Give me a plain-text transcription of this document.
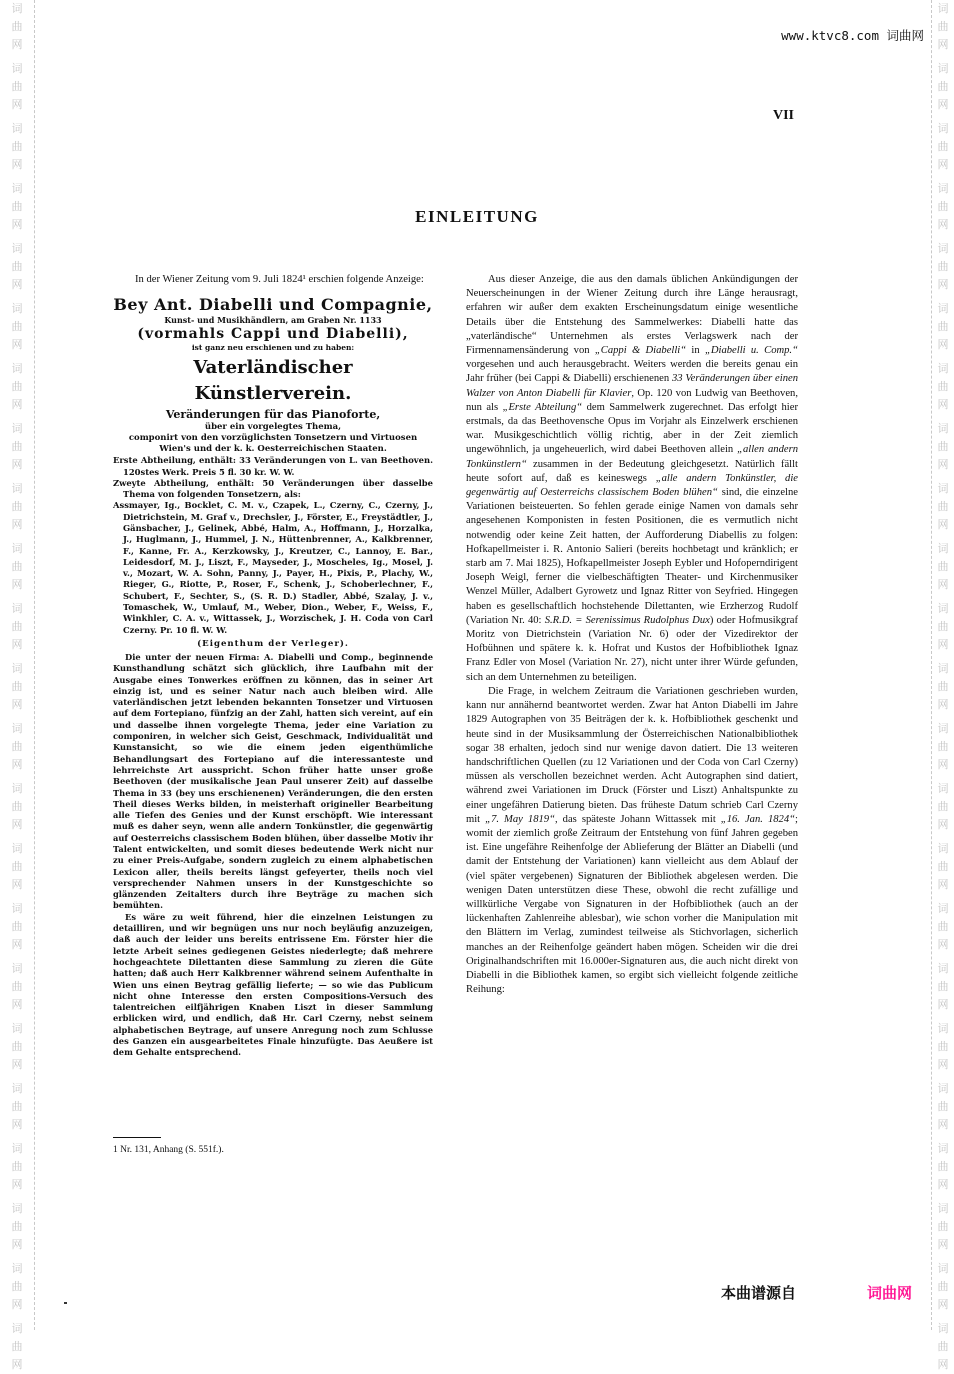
词
曲
网
词
曲
网
词
曲
网
词
曲
网
词
曲
网
词
曲
网
词
曲
网
词
曲
网
词
曲
网
词
曲
网
词
曲
网
词
曲
网
词
曲
网
词
曲
网
词
曲
网
词
曲
网
词
曲
网
词
曲
网
词
曲
网
词
曲
网
词
曲
网
词
曲
网
词
曲
网
词
曲
网
词
曲
网
词
曲
网
词
曲
网
词
曲
网
词
曲
网
词
曲
网
词
曲
网
词
曲
网
词
曲
网
词
曲
网
词
曲
网
词
曲
网
词
曲
网
词
曲
网
词
曲
网
词
曲
网
词
曲
网
词
曲
网
词
曲
网
词
曲
网
词
曲
网
词
曲
网
www.ktvc8.com 词曲网
VII
EINLEITUNG

In der Wiener Zeitung vom 9. Juli 1824¹ erschien folgende Anzeige:

Bey Ant. Diabelli und Compagnie,
Kunst- und Musikhändlern, am Graben Nr. 1133
(vormahls Cappi und Diabelli),
ist ganz neu erschienen und zu haben:
Vaterländischer Künstlerverein.
Veränderungen für das Pianoforte,
über ein vorgelegtes Thema,
componirt von den vorzüglichsten Tonsetzern und Virtuosen Wien's und der k. k. Oesterreichischen Staaten.
Erste Abtheilung, enthält: 33 Veränderungen von L. van Beethoven. 120stes Werk. Preis 5 fl. 30 kr. W. W.
Zweyte Abtheilung, enthält: 50 Veränderungen über dasselbe Thema von folgenden Tonsetzern, als:
Assmayer, Ig., Bocklet, C. M. v., Czapek, L., Czerny, C., Czerny, J., Dietrichstein, M. Graf v., Drechsler, J., Förster, E., Freystädtler, J., Gänsbacher, J., Gelinek, Abbé, Halm, A., Hoffmann, J., Horzalka, J., Huglmann, J., Hummel, J. N., Hüttenbrenner, A., Kalkbrenner, F., Kanne, Fr. A., Kerzkowsky, J., Kreutzer, C., Lannoy, E. Bar., Leidesdorf, M. J., Liszt, F., Mayseder, J., Moscheles, Ig., Mosel, J. v., Mozart, W. A. Sohn, Panny, J., Payer, H., Pixis, P., Plachy, W., Rieger, G., Riotte, P., Roser, F., Schenk, J., Schoberlechner, F., Schubert, F., Sechter, S., (S. R. D.) Stadler, Abbé, Szalay, J. v., Tomaschek, W., Umlauf, M., Weber, Dion., Weber, F., Weiss, F., Winkhler, C. A. v., Wittassek, J., Worzischek, J. H. Coda von Carl Czerny. Pr. 10 fl. W. W.
(Eigenthum der Verleger).

Die unter der neuen Firma: A. Diabelli und Comp., beginnende Kunsthandlung schätzt sich glücklich, ihre Laufbahn mit der Ausgabe eines Tonwerkes eröffnen zu können, das in seiner Art einzig ist, und es seiner Natur nach auch bleiben wird. Alle vaterländischen jetzt lebenden bekannten Tonsetzer und Virtuosen auf dem Fortepiano, fünfzig an der Zahl, hatten sich vereint, auf ein und dasselbe ihnen vorgelegte Thema, jeder eine Variation zu componiren, in welcher sich Geist, Geschmack, Individualität und Kunstansicht, so wie die einem jeden eigenthümliche Behandlungsart des Fortepiano auf die interessanteste und lehrreichste Art ausspricht. Schon früher hatte unser große Beethoven (der musikalische Jean Paul unserer Zeit) auf dasselbe Thema in 33 (bey uns erschienenen) Veränderungen, die den ersten Theil dieses Werks bilden, in meisterhaft origineller Bearbeitung alle Tiefen des Genies und der Kunst erschöpft. Wie interessant muß es daher seyn, wenn alle andern Tonkünstler, die gegenwärtig auf Oesterreichs classischem Boden blühen, über dasselbe Motiv ihr Talent entwickelten, und somit dieses bedeutende Werk nicht nur zu einer Preis-Aufgabe, sondern zugleich zu einem alphabetischen Lexicon aller, theils bereits längst gefeyerter, theils noch viel versprechender Nahmen unsers in der Kunstgeschichte so glänzenden Zeitalters durch ihre Beyträge zu machen sich bemühten.

Es wäre zu weit führend, hier die einzelnen Leistungen zu detailliren, und wir begnügen uns nur noch beyläufig anzuzeigen, daß auch der leider uns bereits entrissene Em. Förster hier die letzte Arbeit seines gediegenen Geistes niederlegte; daß mehrere hochgeachtete Dilettanten diese Sammlung zu zieren die Güte hatten; daß auch Herr Kalkbrenner während seinem Aufenthalte in Wien uns einen Beytrag gefällig lieferte; — so wie das Publicum nicht ohne Interesse den ersten Compositions-Versuch des talentreichen eilfjährigen Knaben Liszt in dieser Sammlung erblicken wird, und endlich, daß Hr. Carl Czerny, nebst seinem alphabetischen Beytrage, auf unsere Anregung noch zum Schlusse des Ganzen ein ausgearbeitetes Finale hinzufügte. Das Aeußere ist dem Gehalte entsprechend.

1 Nr. 131, Anhang (S. 551f.).

Aus dieser Anzeige, die aus den damals üblichen Ankündigungen der Neuerscheinungen in der Wiener Zeitung durch ihre Länge herausragt, erfahren wir außer dem exakten Erscheinungsdatum einige wesentliche Details über die Entstehung des Sammelwerkes: Diabelli hatte das „vaterländische“ Unternehmen als erstes Verlagswerk nach der Firmennamensänderung von „Cappi & Diabelli“ in „Diabelli u. Comp.“ vorgesehen und auch herausgebracht. Weiters werden die bereits genau ein Jahr früher (bei Cappi & Diabelli) erschienenen 33 Veränderungen über einen Walzer von Anton Diabelli für Klavier, Op. 120 von Ludwig van Beethoven, nun als „Erste Abteilung“ dem Sammelwerk zugerechnet. Das erfolgt hier erstmals, da das Beethovensche Opus im Vorjahr als Einzelwerk erschienen war. Musikgeschichtlich völlig richtig, aber in der Zeit ziemlich ungewöhnlich, ja ungeheuerlich, wird dabei Beethoven allein „allen andern Tonkünstlern“ zusammen in der Bedeutung gleichgesetzt. Natürlich fällt heute sofort auf, daß es keineswegs „alle andern Tonkünstler, die gegenwärtig auf Oesterreichs classischem Boden blühen“ sind, die einzelne Variationen beisteuerten. So fehlen gerade einige Namen von damals sehr angesehenen Komponisten in festen Positionen, die es vermutlich nicht notwendig oder keine Zeit hatten, der Aufforderung Diabellis zu folgen: Hofkapellmeister i. R. Antonio Salieri (bereits hochbetagt und kränklich; er starb am 7. Mai 1825), Hofkapellmeister Joseph Eybler und Hofoperndirigent Joseph Weigl, ferner die vielbeschäftigten Theater- und Kirchenmusiker Wenzel Müller, Adalbert Gyrowetz und Ignaz Ritter von Seyfried. Hingegen haben es gesellschaftlich hochstehende Dilettanten, wie Erzherzog Rudolf (Variation Nr. 40: S.R.D. = Serenissimus Rudolphus Dux) oder Hofmusikgraf Moritz von Dietrichstein (Variation Nr. 6) oder der Vizedirektor der Hofbühnen und spätere k. k. Hofrat und Kustos der Hofbibliothek Ignaz Franz Edler von Mosel (Variation Nr. 27), nicht unter ihrer Würde gefunden, sich an dem Unternehmen zu beteiligen.

Die Frage, in welchem Zeitraum die Variationen geschrieben wurden, kann nur annähernd beantwortet werden. Zwar hat Anton Diabelli im Jahre 1829 Autographen von 35 Beiträgen der k. k. Hofbibliothek geschenkt und heute sind in der Musiksammlung der Österreichischen Nationalbibliothek sogar 38 erhalten, jedoch sind nur wenige davon datiert. Die 13 weiteren handschriftlichen Quellen (zu 12 Variationen und der Coda von Carl Czerny) müssen als verschollen bezeichnet werden. Acht Autographen sind datiert, während zwei Variationen im Druck (Förster und Liszt) Anhaltspunkte zu einer ungefähren Datierung bieten. Das früheste Datum schrieb Carl Czerny mit „7. May 1819“, das späteste Johann Wittassek mit „16. Jan. 1824“; womit der ziemlich große Zeitraum der Entstehung von fünf Jahren gegeben ist. Eine ungefähre Reihenfolge der Ablieferung der Blätter an Diabelli (und damit der Entstehung der Variationen) kann vielleicht aus dem Ablauf der (viel später vergebenen) Signaturen der Bibliothek abgelesen werden. Die wenigen Daten unterstützen diese These, obwohl die recht zufällige und willkürliche Vergabe von Signaturen in der Hofbibliothek (auch an der lückenhaften Zahlenreihe ablesbar), wie schon vorher die Manipulation mit den Blättern im Verlag, zumindest teilweise als Stichvorlagen, sicherlich manches an der Reihenfolge geändert haben mögen. Scheiden wir die drei Originalhandschriften mit 16.000er-Signaturen aus, die auch nicht direkt von Diabelli in die Bibliothek kamen, so ergibt sich vielleicht folgende zeitliche Reihung:

本曲谱源自	词曲网
